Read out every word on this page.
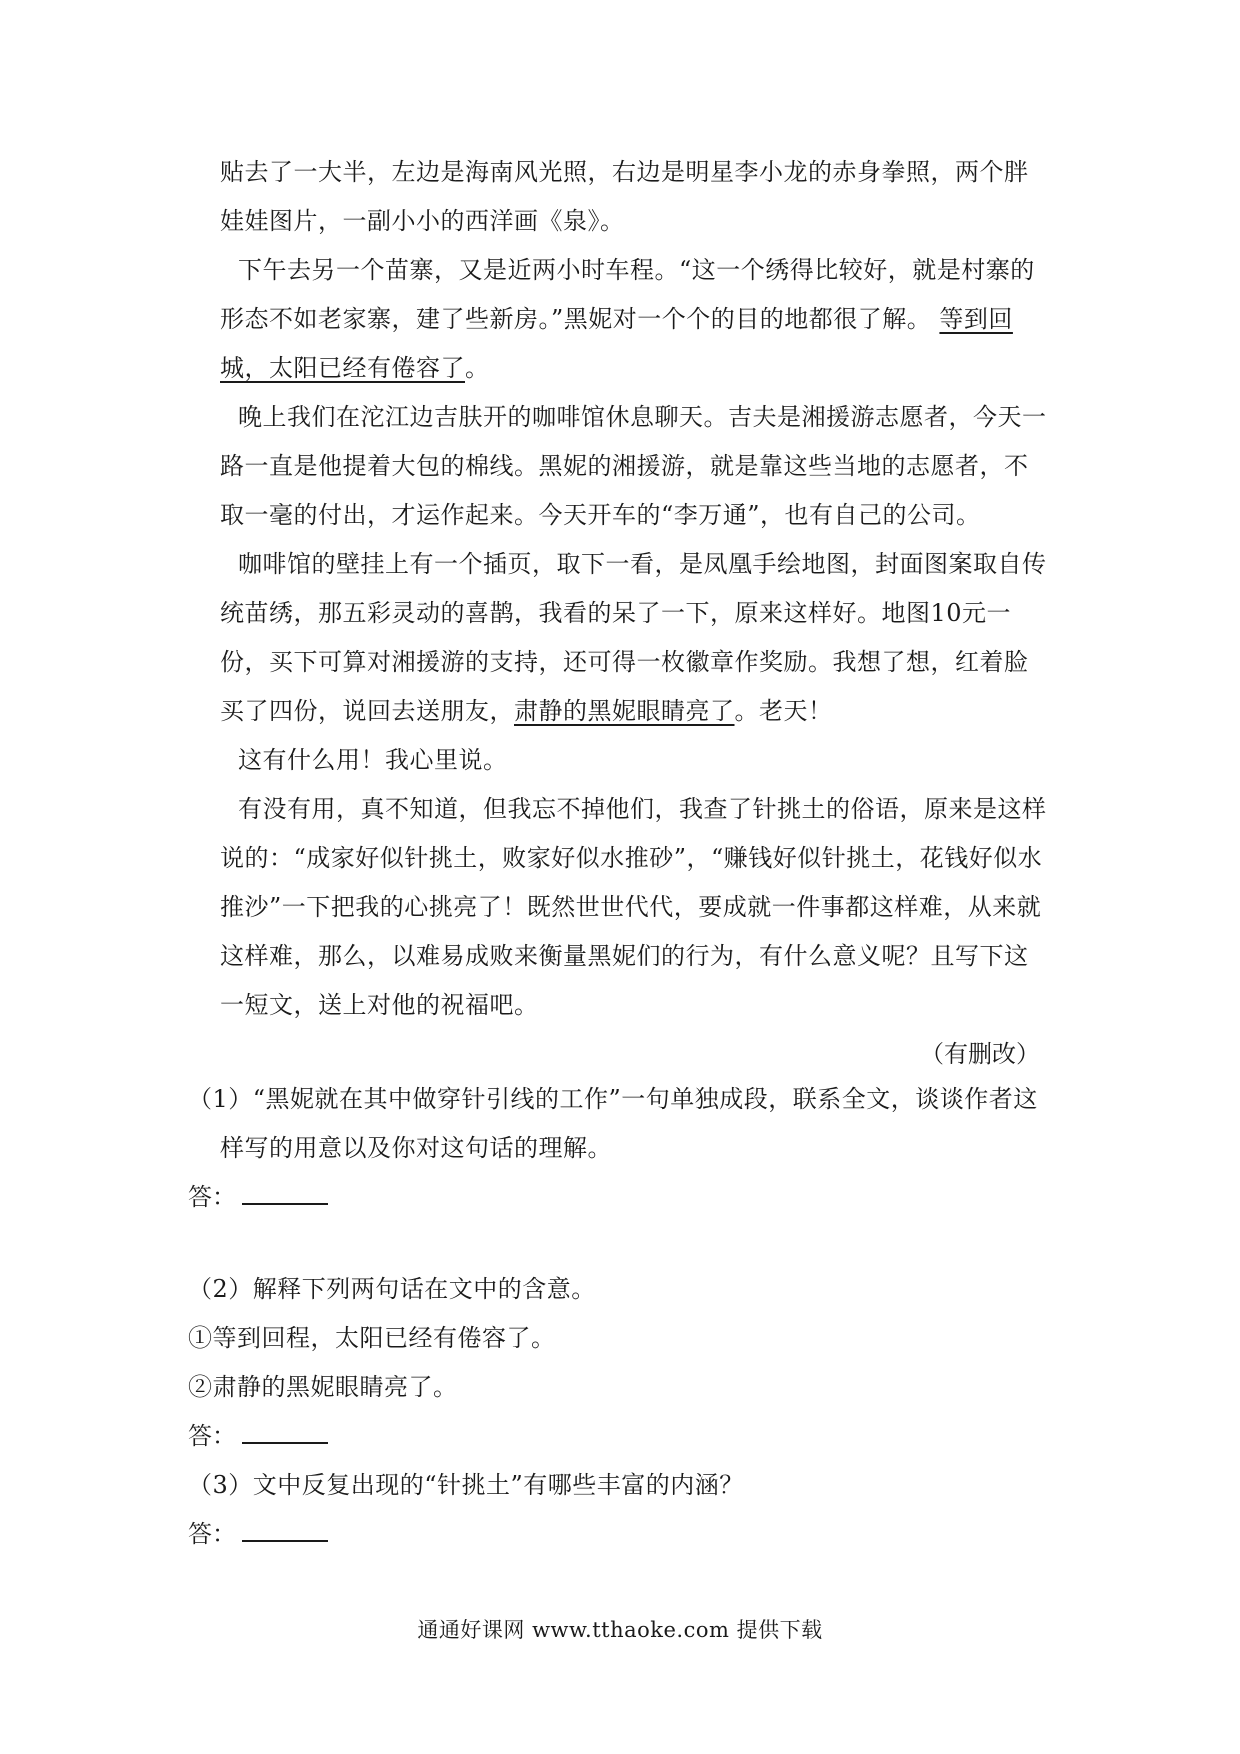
贴去了一大半，左边是海南风光照，右边是明星李小龙的赤身拳照，两个胖娃娃图片，一副小小的西洋画《泉》。

下午去另一个苗寨，又是近两小时车程。“这一个绣得比较好，就是村寨的形态不如老家寨，建了些新房。”黑妮对一个个的目的地都很了解。 等到回城，太阳已经有倦容了。

晚上我们在沱江边吉肤开的咖啡馆休息聊天。吉夫是湘援游志愿者，今天一路一直是他提着大包的棉线。黑妮的湘援游，就是靠这些当地的志愿者，不取一毫的付出，才运作起来。今天开车的“李万通”，也有自己的公司。

咖啡馆的壁挂上有一个插页，取下一看，是凤凰手绘地图，封面图案取自传统苗绣，那五彩灵动的喜鹊，我看的呆了一下，原来这样好。地图10元一份，买下可算对湘援游的支持，还可得一枚徽章作奖励。我想了想，红着脸买了四份，说回去送朋友，肃静的黑妮眼睛亮了。老天！

这有什么用！我心里说。

有没有用，真不知道，但我忘不掉他们，我查了针挑土的俗语，原来是这样说的：“成家好似针挑土，败家好似水推砂”，“赚钱好似针挑土，花钱好似水推沙”一下把我的心挑亮了！既然世世代代，要成就一件事都这样难，从来就这样难，那么，以难易成败来衡量黑妮们的行为，有什么意义呢？且写下这一短文，送上对他的祝福吧。

（有删改）

（1）“黑妮就在其中做穿针引线的工作”一句单独成段，联系全文，谈谈作者这样写的用意以及你对这句话的理解。

答：

（2）解释下列两句话在文中的含意。

①等到回程，太阳已经有倦容了。

②肃静的黑妮眼睛亮了。

答：

（3）文中反复出现的“针挑土”有哪些丰富的内涵？

答：
通通好课网 www.tthaoke.com 提供下载
